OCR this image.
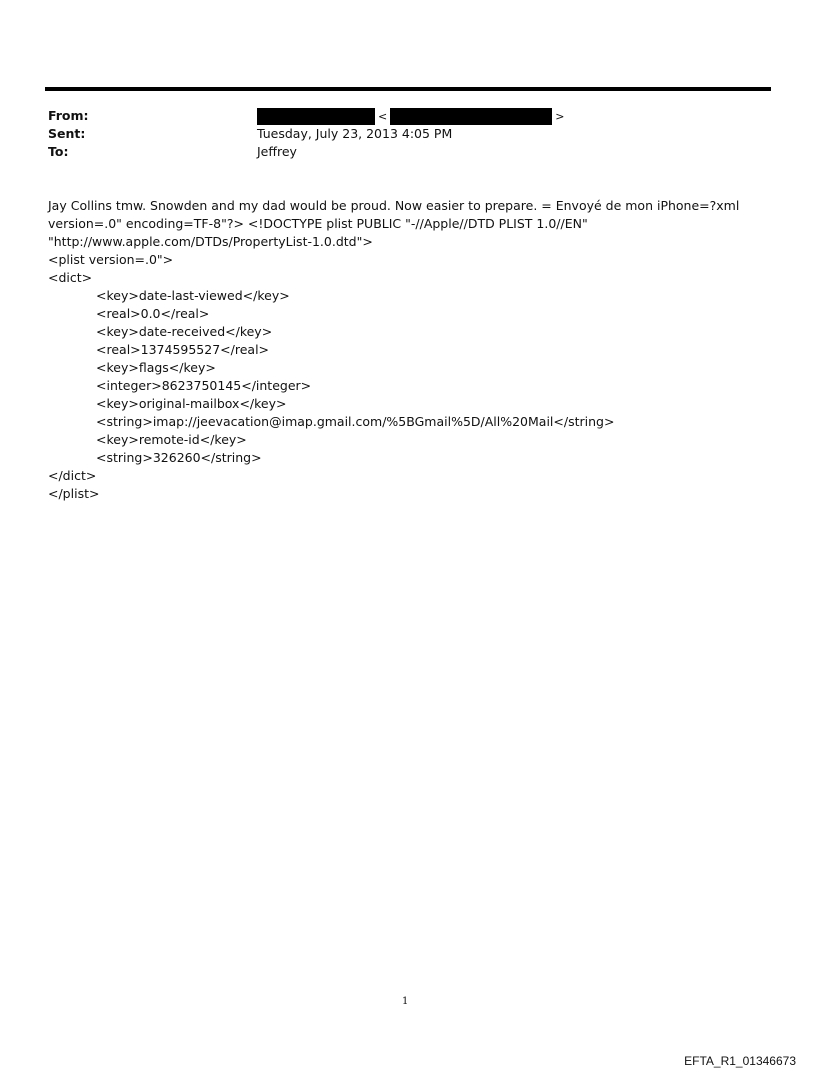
From:	<	>
Sent:	Tuesday, July 23, 2013 4:05 PM
To:	Jeffrey
Jay Collins tmw. Snowden and my dad would be proud. Now easier to prepare. = Envoyé de mon iPhone=?xml
version=.0" encoding=TF-8"?> <!DOCTYPE plist PUBLIC "-//Apple//DTD PLIST 1.0//EN"
"http://www.apple.com/DTDs/PropertyList-1.0.dtd">
<plist version=.0">
<dict>
<key>date-last-viewed</key>
<real>0.0</real>
<key>date-received</key>
<real>1374595527</real>
<key>flags</key>
<integer>8623750145</integer>
<key>original-mailbox</key>
<string>imap://jeevacation@imap.gmail.com/%5BGmail%5D/All%20Mail</string>
<key>remote-id</key>
<string>326260</string>
</dict>
</plist>
1
EFTA_R1_01346673
